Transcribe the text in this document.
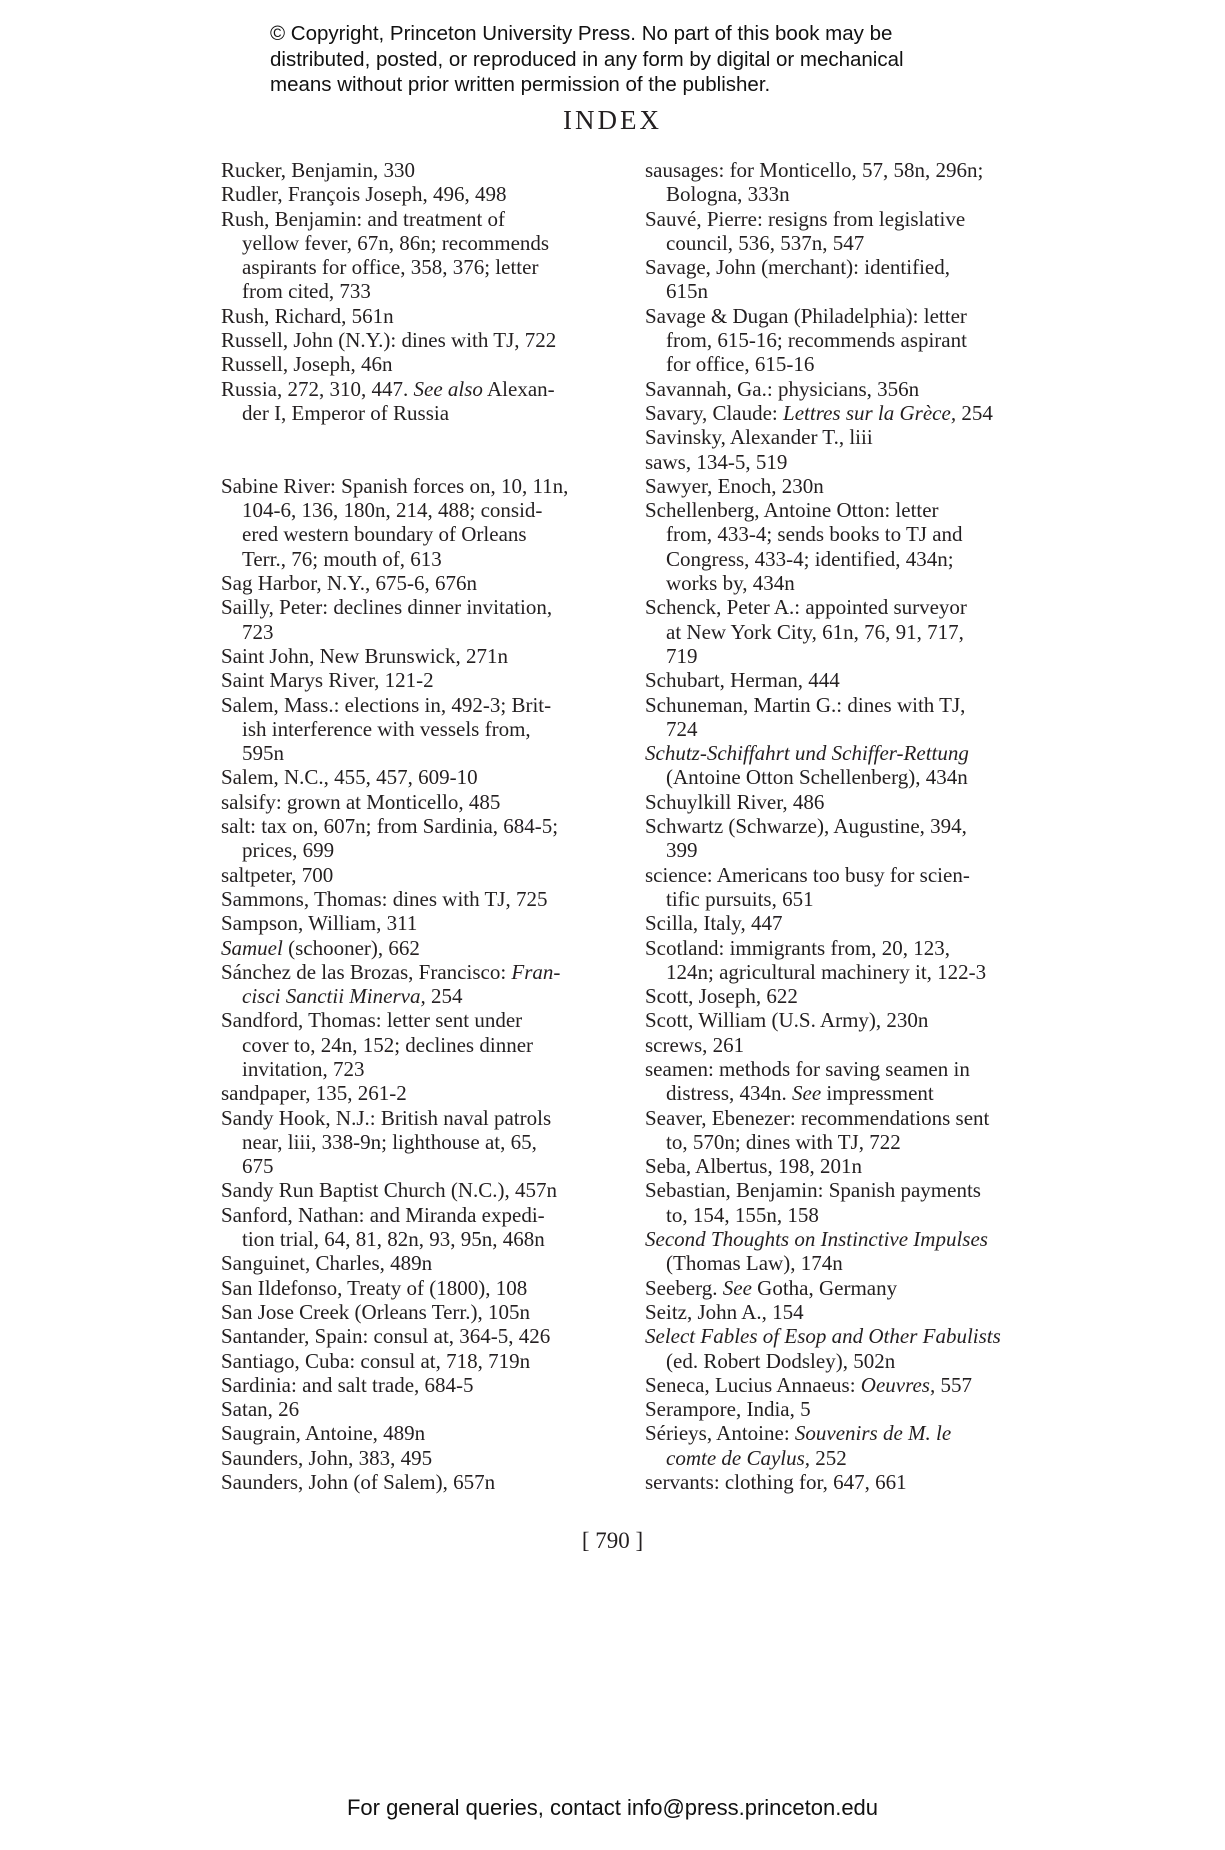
© Copyright, Princeton University Press. No part of this book may be
distributed, posted, or reproduced in any form by digital or mechanical
means without prior written permission of the publisher.
INDEX
Rucker, Benjamin, 330
Rudler, François Joseph, 496, 498
Rush, Benjamin: and treatment of
yellow fever, 67n, 86n; recommends
aspirants for office, 358, 376; letter
from cited, 733
Rush, Richard, 561n
Russell, John (N.Y.): dines with TJ, 722
Russell, Joseph, 46n
Russia, 272, 310, 447. See also Alexan-
der I, Emperor of Russia
Sabine River: Spanish forces on, 10, 11n,
104-6, 136, 180n, 214, 488; consid-
ered western boundary of Orleans
Terr., 76; mouth of, 613
Sag Harbor, N.Y., 675-6, 676n
Sailly, Peter: declines dinner invitation,
723
Saint John, New Brunswick, 271n
Saint Marys River, 121-2
Salem, Mass.: elections in, 492-3; Brit-
ish interference with vessels from,
595n
Salem, N.C., 455, 457, 609-10
salsify: grown at Monticello, 485
salt: tax on, 607n; from Sardinia, 684-5;
prices, 699
saltpeter, 700
Sammons, Thomas: dines with TJ, 725
Sampson, William, 311
Samuel (schooner), 662
Sánchez de las Brozas, Francisco: Fran-
cisci Sanctii Minerva, 254
Sandford, Thomas: letter sent under
cover to, 24n, 152; declines dinner
invitation, 723
sandpaper, 135, 261-2
Sandy Hook, N.J.: British naval patrols
near, liii, 338-9n; lighthouse at, 65,
675
Sandy Run Baptist Church (N.C.), 457n
Sanford, Nathan: and Miranda expedi-
tion trial, 64, 81, 82n, 93, 95n, 468n
Sanguinet, Charles, 489n
San Ildefonso, Treaty of (1800), 108
San Jose Creek (Orleans Terr.), 105n
Santander, Spain: consul at, 364-5, 426
Santiago, Cuba: consul at, 718, 719n
Sardinia: and salt trade, 684-5
Satan, 26
Saugrain, Antoine, 489n
Saunders, John, 383, 495
Saunders, John (of Salem), 657n
sausages: for Monticello, 57, 58n, 296n;
Bologna, 333n
Sauvé, Pierre: resigns from legislative
council, 536, 537n, 547
Savage, John (merchant): identified,
615n
Savage & Dugan (Philadelphia): letter
from, 615-16; recommends aspirant
for office, 615-16
Savannah, Ga.: physicians, 356n
Savary, Claude: Lettres sur la Grèce, 254
Savinsky, Alexander T., liii
saws, 134-5, 519
Sawyer, Enoch, 230n
Schellenberg, Antoine Otton: letter
from, 433-4; sends books to TJ and
Congress, 433-4; identified, 434n;
works by, 434n
Schenck, Peter A.: appointed surveyor
at New York City, 61n, 76, 91, 717,
719
Schubart, Herman, 444
Schuneman, Martin G.: dines with TJ,
724
Schutz-Schiffahrt und Schiffer-Rettung
(Antoine Otton Schellenberg), 434n
Schuylkill River, 486
Schwartz (Schwarze), Augustine, 394,
399
science: Americans too busy for scien-
tific pursuits, 651
Scilla, Italy, 447
Scotland: immigrants from, 20, 123,
124n; agricultural machinery it, 122-3
Scott, Joseph, 622
Scott, William (U.S. Army), 230n
screws, 261
seamen: methods for saving seamen in
distress, 434n. See impressment
Seaver, Ebenezer: recommendations sent
to, 570n; dines with TJ, 722
Seba, Albertus, 198, 201n
Sebastian, Benjamin: Spanish payments
to, 154, 155n, 158
Second Thoughts on Instinctive Impulses
(Thomas Law), 174n
Seeberg. See Gotha, Germany
Seitz, John A., 154
Select Fables of Esop and Other Fabulists
(ed. Robert Dodsley), 502n
Seneca, Lucius Annaeus: Oeuvres, 557
Serampore, India, 5
Sérieys, Antoine: Souvenirs de M. le
comte de Caylus, 252
servants: clothing for, 647, 661
[ 790 ]
For general queries, contact info@press.princeton.edu
